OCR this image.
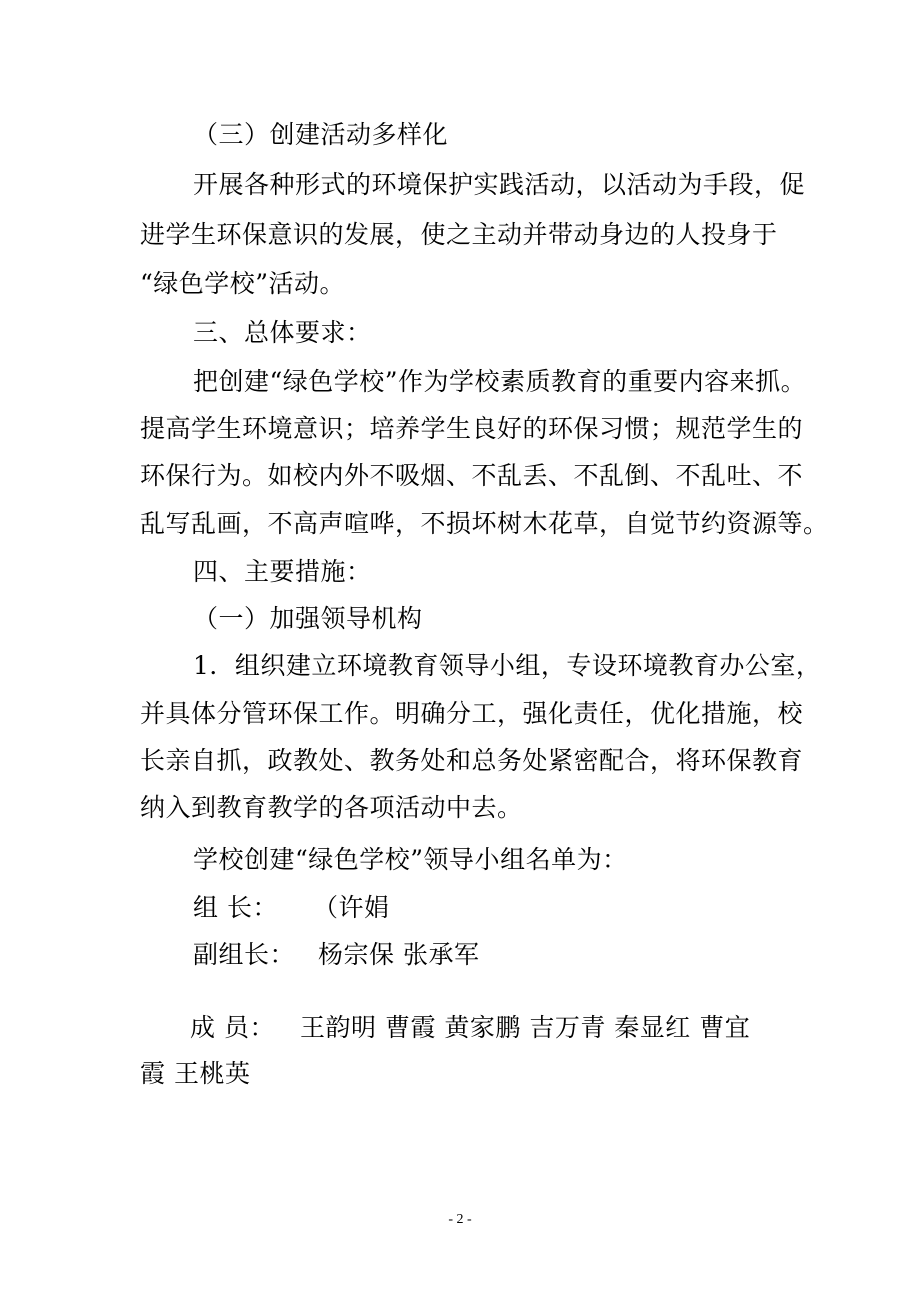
（三）创建活动多样化
开展各种形式的环境保护实践活动，以活动为手段，促
进学生环保意识的发展，使之主动并带动身边的人投身于
“绿色学校”活动。
三、总体要求：
把创建“绿色学校”作为学校素质教育的重要内容来抓。
提高学生环境意识；培养学生良好的环保习惯；规范学生的
环保行为。如校内外不吸烟、不乱丢、不乱倒、不乱吐、不
乱写乱画，不高声喧哗，不损坏树木花草，自觉节约资源等。
四、主要措施：
（一）加强领导机构
1．组织建立环境教育领导小组，专设环境教育办公室，
并具体分管环保工作。明确分工，强化责任，优化措施，校
长亲自抓，政教处、教务处和总务处紧密配合，将环保教育
纳入到教育教学的各项活动中去。
学校创建“绿色学校”领导小组名单为：
组 长： （许娟
副组长： 杨宗保 张承军
成 员： 王韵明 曹霞 黄家鹏 吉万青 秦显红 曹宜
霞 王桃英
- 2 -
